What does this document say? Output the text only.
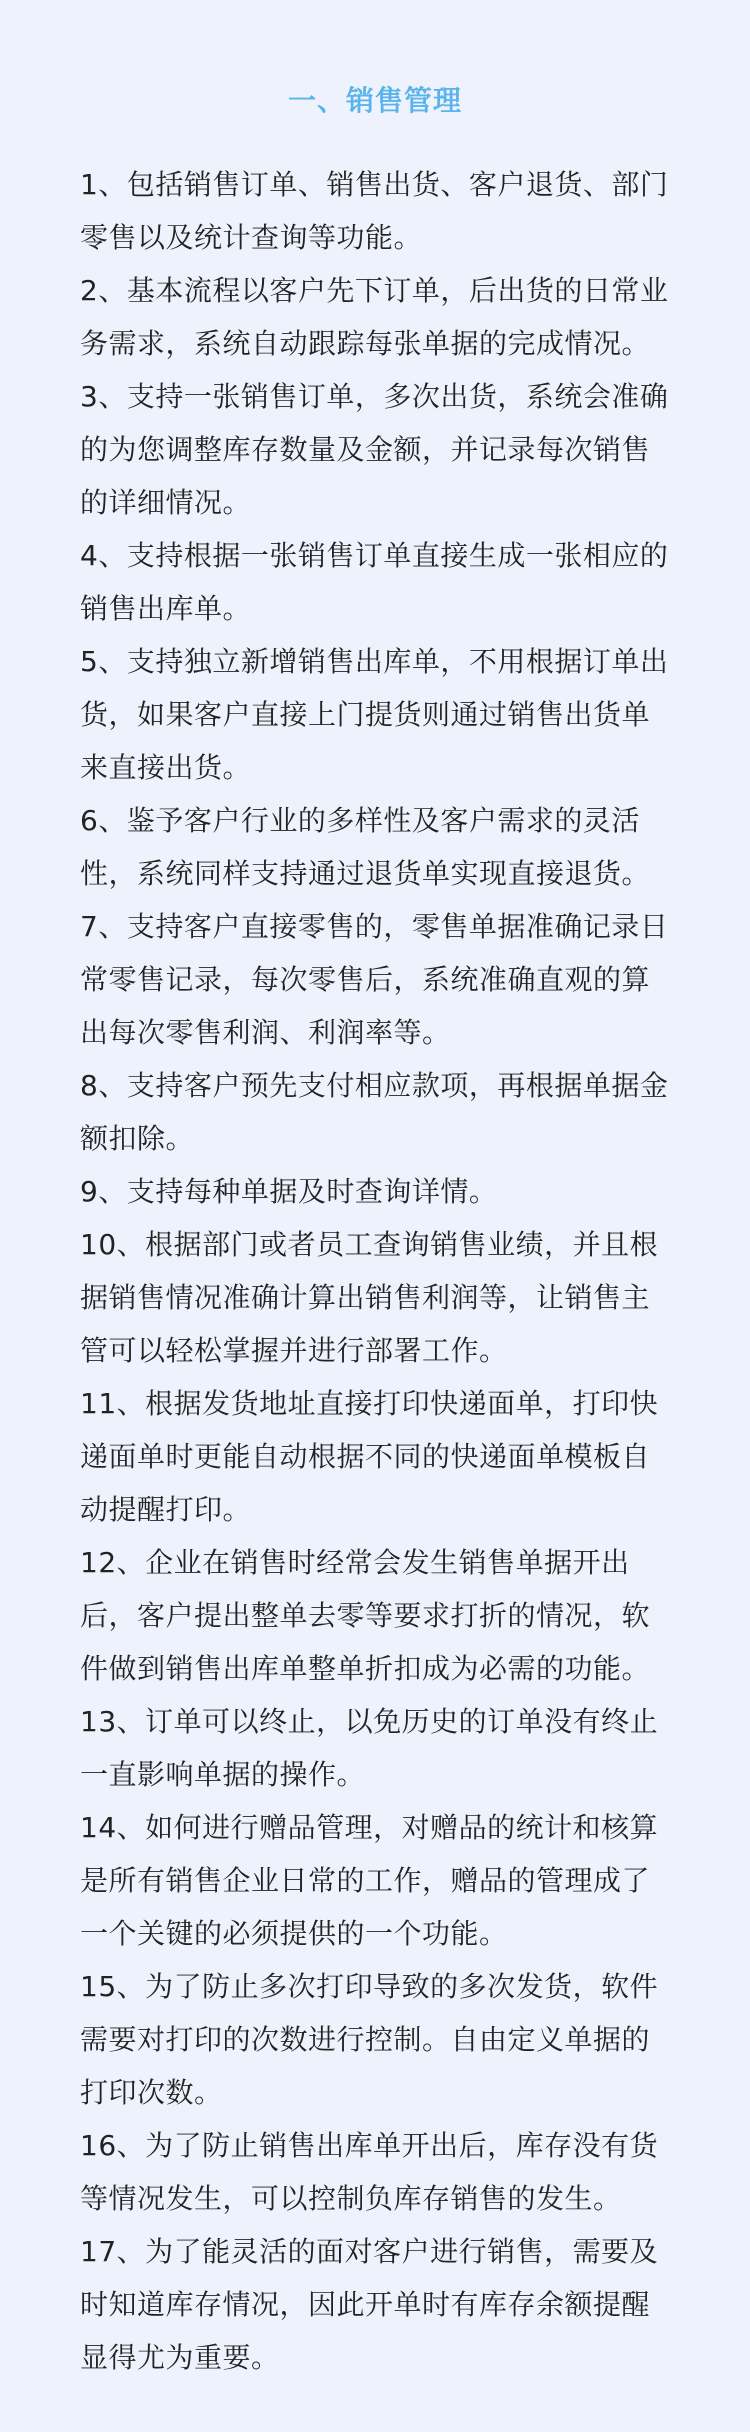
一、销售管理
1、包括销售订单、销售出货、客户退货、部门零售以及统计查询等功能。
2、基本流程以客户先下订单，后出货的日常业务需求，系统自动跟踪每张单据的完成情况。
3、支持一张销售订单，多次出货，系统会准确的为您调整库存数量及金额，并记录每次销售的详细情况。
4、支持根据一张销售订单直接生成一张相应的销售出库单。
5、支持独立新增销售出库单，不用根据订单出货，如果客户直接上门提货则通过销售出货单来直接出货。
6、鉴予客户行业的多样性及客户需求的灵活性，系统同样支持通过退货单实现直接退货。
7、支持客户直接零售的，零售单据准确记录日常零售记录，每次零售后，系统准确直观的算出每次零售利润、利润率等。
8、支持客户预先支付相应款项，再根据单据金额扣除。
9、支持每种单据及时查询详情。
10、根据部门或者员工查询销售业绩，并且根据销售情况准确计算出销售利润等，让销售主管可以轻松掌握并进行部署工作。
11、根据发货地址直接打印快递面单，打印快递面单时更能自动根据不同的快递面单模板自动提醒打印。
12、企业在销售时经常会发生销售单据开出后，客户提出整单去零等要求打折的情况，软件做到销售出库单整单折扣成为必需的功能。
13、订单可以终止，以免历史的订单没有终止一直影响单据的操作。
14、如何进行赠品管理，对赠品的统计和核算是所有销售企业日常的工作，赠品的管理成了一个关键的必须提供的一个功能。
15、为了防止多次打印导致的多次发货，软件需要对打印的次数进行控制。自由定义单据的打印次数。
16、为了防止销售出库单开出后，库存没有货等情况发生，可以控制负库存销售的发生。
17、为了能灵活的面对客户进行销售，需要及时知道库存情况，因此开单时有库存余额提醒显得尤为重要。
